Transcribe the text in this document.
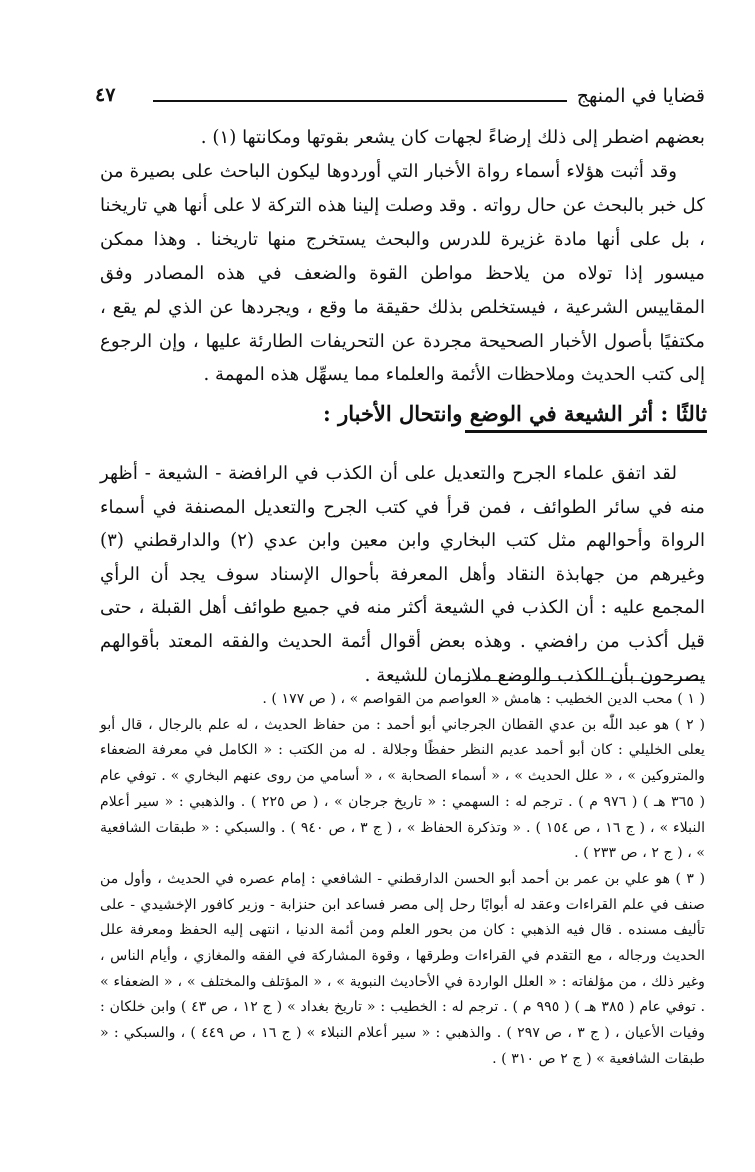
قضايا في المنهج
٤٧

بعضهم اضطر إلى ذلك إرضاءً لجهات كان يشعر بقوتها ومكانتها (١) .

وقد أثبت هؤلاء أسماء رواة الأخبار التي أوردوها ليكون الباحث على بصيرة من كل خبر بالبحث عن حال رواته . وقد وصلت إلينا هذه التركة لا على أنها هي تاريخنا ، بل على أنها مادة غزيرة للدرس والبحث يستخرج منها تاريخنا . وهذا ممكن ميسور إذا تولاه من يلاحظ مواطن القوة والضعف في هذه المصادر وفق المقاييس الشرعية ، فيستخلص بذلك حقيقة ما وقع ، ويجردها عن الذي لم يقع ، مكتفيًا بأصول الأخبار الصحيحة مجردة عن التحريفات الطارئة عليها ، وإن الرجوع إلى كتب الحديث وملاحظات الأئمة والعلماء مما يسهِّل هذه المهمة .

ثالثًا : أثر الشيعة في الوضع وانتحال الأخبار :

لقد اتفق علماء الجرح والتعديل على أن الكذب في الرافضة - الشيعة - أظهر منه في سائر الطوائف ، فمن قرأ في كتب الجرح والتعديل المصنفة في أسماء الرواة وأحوالهم مثل كتب البخاري وابن معين وابن عدي (٢) والدارقطني (٣) وغيرهم من جهابذة النقاد وأهل المعرفة بأحوال الإسناد سوف يجد أن الرأي المجمع عليه : أن الكذب في الشيعة أكثر منه في جميع طوائف أهل القبلة ، حتى قيل أكذب من رافضي . وهذه بعض أقوال أئمة الحديث والفقه المعتد بأقوالهم يصرحون بأن الكذب والوضع ملازمان للشيعة .

( ١ ) محب الدين الخطيب : هامش « العواصم من القواصم » ، ( ص ١٧٧ ) .

( ٢ ) هو عبد اللّٰه بن عدي القطان الجرجاني أبو أحمد : من حفاظ الحديث ، له علم بالرجال ، قال أبو يعلى الخليلي : كان أبو أحمد عديم النظر حفظًا وجلالة . له من الكتب : « الكامل في معرفة الضعفاء والمتروكين » ، « علل الحديث » ، « أسماء الصحابة » ، « أسامي من روى عنهم البخاري » . توفي عام ( ٣٦٥ هـ ) ( ٩٧٦ م ) . ترجم له : السهمي : « تاريخ جرجان » ، ( ص ٢٢٥ ) . والذهبي : « سير أعلام النبلاء » ، ( ج ١٦ ، ص ١٥٤ ) . « وتذكرة الحفاظ » ، ( ج ٣ ، ص ٩٤٠ ) . والسبكي : « طبقات الشافعية » ، ( ج ٢ ، ص ٢٣٣ ) .

( ٣ ) هو علي بن عمر بن أحمد أبو الحسن الدارقطني - الشافعي : إمام عصره في الحديث ، وأول من صنف في علم القراءات وعقد له أبوابًا رحل إلى مصر فساعد ابن حنزابة - وزير كافور الإخشيدي - على تأليف مسنده . قال فيه الذهبي : كان من بحور العلم ومن أئمة الدنيا ، انتهى إليه الحفظ ومعرفة علل الحديث ورجاله ، مع التقدم في القراءات وطرقها ، وقوة المشاركة في الفقه والمغازي ، وأيام الناس ، وغير ذلك ، من مؤلفاته : « العلل الواردة في الأحاديث النبوية » ، « المؤتلف والمختلف » ، « الضعفاء » . توفي عام ( ٣٨٥ هـ ) ( ٩٩٥ م ) . ترجم له : الخطيب : « تاريخ بغداد » ( ج ١٢ ، ص ٤٣ ) وابن خلكان : وفيات الأعيان ، ( ج ٣ ، ص ٢٩٧ ) . والذهبي : « سير أعلام النبلاء » ( ج ١٦ ، ص ٤٤٩ ) ، والسبكي : « طبقات الشافعية » ( ج ٢ ص ٣١٠ ) .
